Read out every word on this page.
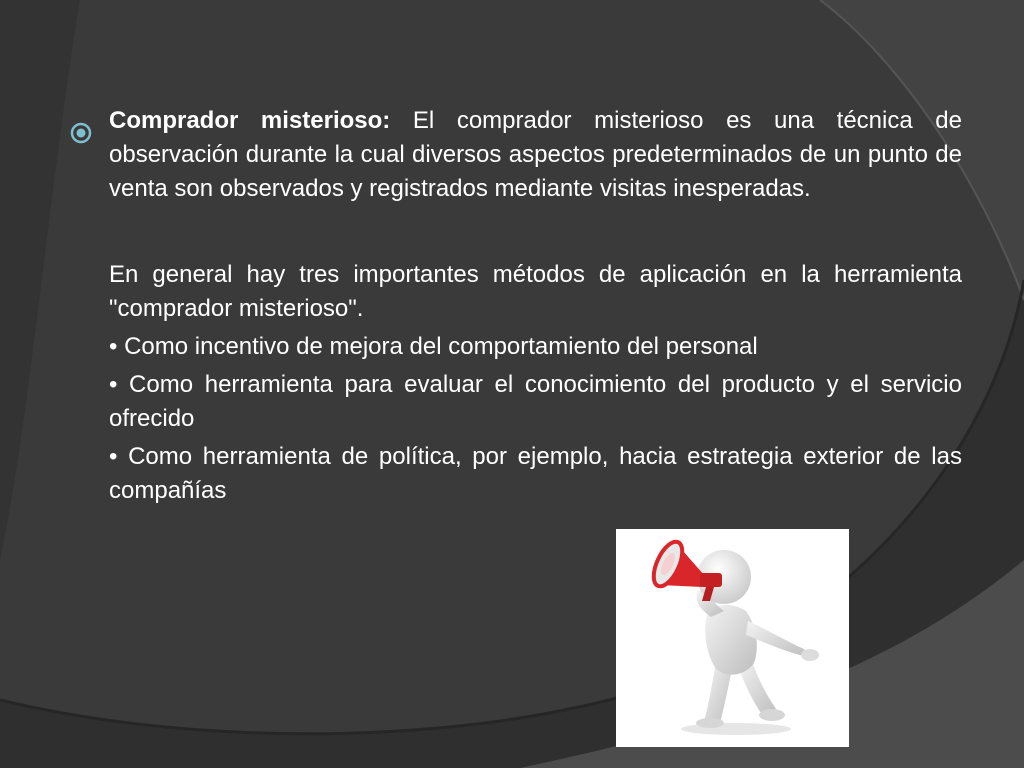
Comprador misterioso: El comprador misterioso es una técnica de observación durante la cual diversos aspectos predeterminados de un punto de venta son observados y registrados mediante visitas inesperadas.

En general hay tres importantes métodos de aplicación en la herramienta "comprador misterioso".

• Como incentivo de mejora del comportamiento del personal

• Como herramienta para evaluar el conocimiento del producto y el servicio ofrecido

• Como herramienta de política, por ejemplo, hacia estrategia exterior de las compañías
